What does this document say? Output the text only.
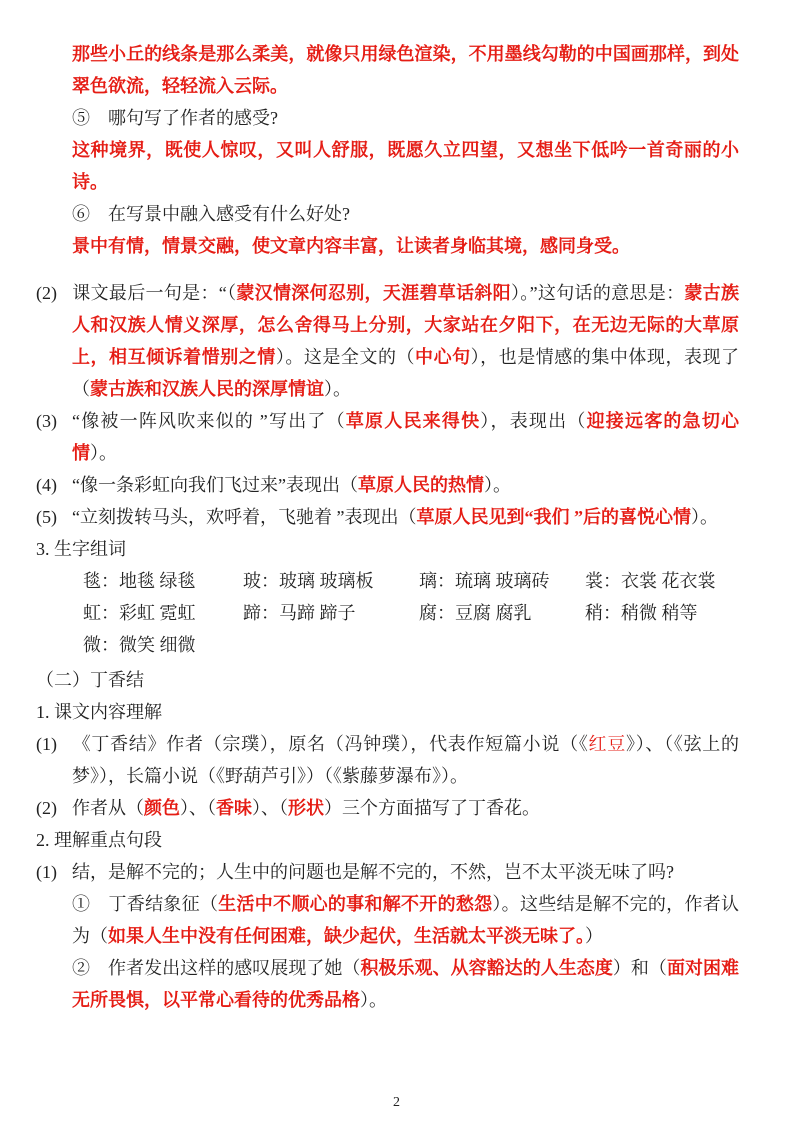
那些小丘的线条是那么柔美，就像只用绿色渲染，不用墨线勾勒的中国画那样，到处翠色欲流，轻轻流入云际。
⑤　哪句写了作者的感受?
这种境界，既使人惊叹，又叫人舒服，既愿久立四望，又想坐下低吟一首奇丽的小诗。
⑥　在写景中融入感受有什么好处?
景中有情，情景交融，使文章内容丰富，让读者身临其境，感同身受。
(2) 课文最后一句是：“（蒙汉情深何忍别，天涯碧草话斜阳）。”这句话的意思是：蒙古族人和汉族人情义深厚，怎么舍得马上分别，大家站在夕阳下，在无边无际的大草原上，相互倾诉着惜别之情）。这是全文的（中心句），也是情感的集中体现，表现了（蒙古族和汉族人民的深厚情谊）。
(3) “像被一阵风吹来似的 ”写出了（草原人民来得快），表现出（迎接远客的急切心情）。
(4) “像一条彩虹向我们飞过来”表现出（草原人民的热情）。
(5) “立刻拨转马头，欢呼着，飞驰着 ”表现出（草原人民见到“我们 ”后的喜悦心情）。
3. 生字组词
毯：地毯 绿毯	玻：玻璃 玻璃板	璃：琉璃 玻璃砖	裳：衣裳 花衣裳
虹：彩虹 霓虹	蹄：马蹄 蹄子	腐：豆腐 腐乳	稍：稍微 稍等
微：微笑 细微
（二）丁香结
1. 课文内容理解
(1) 《丁香结》作者（宗璞），原名（冯钟璞），代表作短篇小说（《红豆》）、（《弦上的梦》），长篇小说（《野葫芦引》）（《紫藤萝瀑布》）。
(2) 作者从（颜色）、（香味）、（形状）三个方面描写了丁香花。
2. 理解重点句段
(1) 结，是解不完的；人生中的问题也是解不完的，不然，岂不太平淡无味了吗?
①　丁香结象征（生活中不顺心的事和解不开的愁怨）。这些结是解不完的，作者认为（如果人生中没有任何困难，缺少起伏，生活就太平淡无味了。）
②　作者发出这样的感叹展现了她（积极乐观、从容豁达的人生态度）和（面对困难无所畏惧，以平常心看待的优秀品格）。
2
